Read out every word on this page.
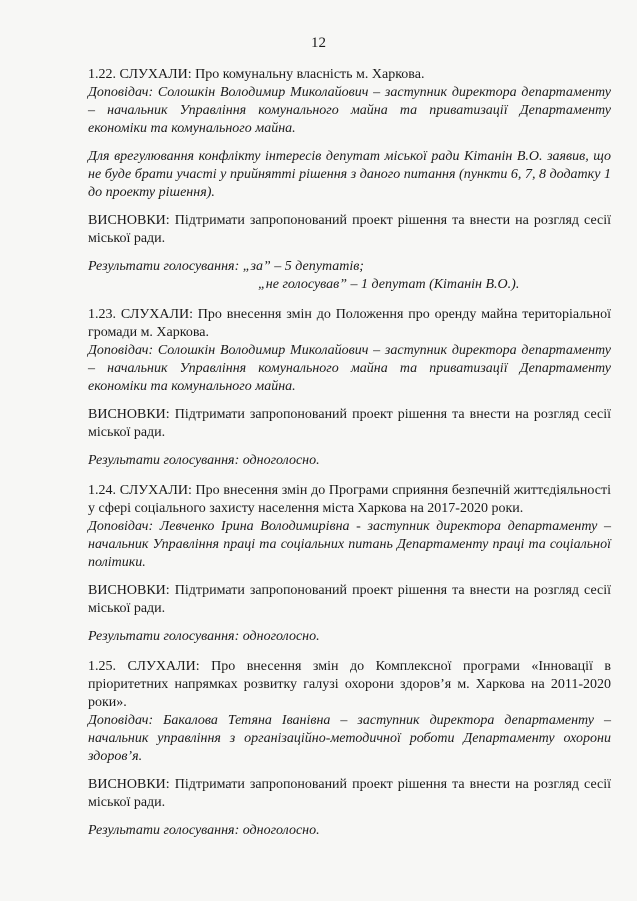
12

1.22. СЛУХАЛИ: Про комунальну власність м. Харкова.

Доповідач: Солошкін Володимир Миколайович – заступник директора департаменту – начальник Управління комунального майна та приватизації Департаменту економіки та комунального майна.

Для врегулювання конфлікту інтересів депутат міської ради Кітанін В.О. заявив, що не буде брати участі у прийнятті рішення з даного питання (пункти 6, 7, 8 додатку 1 до проекту рішення).

ВИСНОВКИ: Підтримати запропонований проект рішення та внести на розгляд сесії міської ради.

Результати голосування:
„за” – 5 депутатів;
„не голосував” – 1 депутат (Кітанін В.О.).

1.23. СЛУХАЛИ: Про внесення змін до Положення про оренду майна територіальної громади м. Харкова.

Доповідач: Солошкін Володимир Миколайович – заступник директора департаменту – начальник Управління комунального майна та приватизації Департаменту економіки та комунального майна.

ВИСНОВКИ: Підтримати запропонований проект рішення та внести на розгляд сесії міської ради.

Результати голосування: одноголосно.

1.24. СЛУХАЛИ: Про внесення змін до Програми сприяння безпечній життєдіяльності у сфері соціального захисту населення міста Харкова на 2017-2020 роки.

Доповідач: Левченко Ірина Володимирівна - заступник директора департаменту – начальник Управління праці та соціальних питань Департаменту праці та соціальної політики.

ВИСНОВКИ: Підтримати запропонований проект рішення та внести на розгляд сесії міської ради.

Результати голосування: одноголосно.

1.25. СЛУХАЛИ: Про внесення змін до Комплексної програми «Інновації в пріоритетних напрямках розвитку галузі охорони здоров’я м. Харкова на 2011-2020 роки».

Доповідач: Бакалова Тетяна Іванівна – заступник директора департаменту – начальник управління з організаційно-методичної роботи Департаменту охорони здоров’я.

ВИСНОВКИ: Підтримати запропонований проект рішення та внести на розгляд сесії міської ради.

Результати голосування: одноголосно.
